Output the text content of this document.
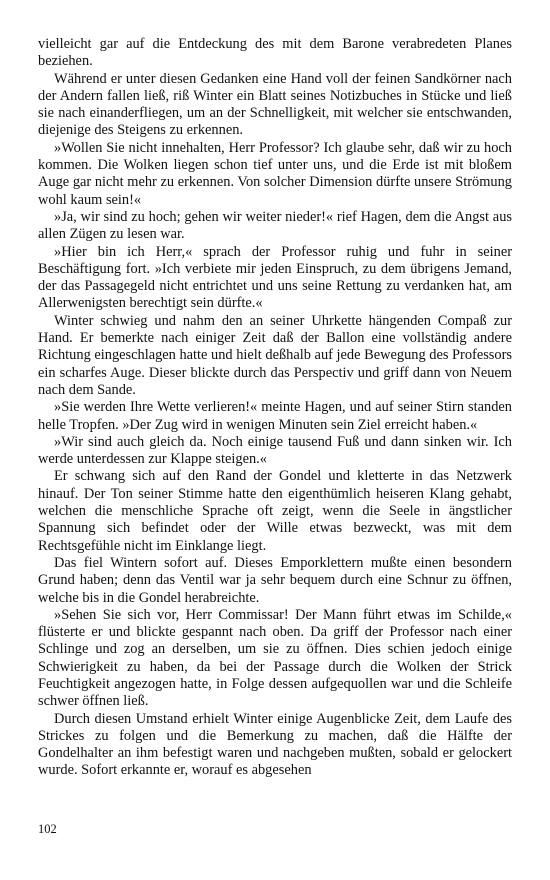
vielleicht gar auf die Entdeckung des mit dem Barone verabredeten Planes beziehen.

Während er unter diesen Gedanken eine Hand voll der feinen Sandkörner nach der Andern fallen ließ, riß Winter ein Blatt seines Notizbuches in Stücke und ließ sie nach einanderfliegen, um an der Schnelligkeit, mit welcher sie entschwanden, diejenige des Steigens zu erkennen.

»Wollen Sie nicht innehalten, Herr Professor? Ich glaube sehr, daß wir zu hoch kommen. Die Wolken liegen schon tief unter uns, und die Erde ist mit bloßem Auge gar nicht mehr zu erkennen. Von solcher Dimension dürfte unsere Strömung wohl kaum sein!«

»Ja, wir sind zu hoch; gehen wir weiter nieder!« rief Hagen, dem die Angst aus allen Zügen zu lesen war.

»Hier bin ich Herr,« sprach der Professor ruhig und fuhr in seiner Beschäftigung fort. »Ich verbiete mir jeden Einspruch, zu dem übrigens Jemand, der das Passagegeld nicht entrichtet und uns seine Rettung zu verdanken hat, am Allerwenigsten berechtigt sein dürfte.«

Winter schwieg und nahm den an seiner Uhrkette hängenden Compaß zur Hand. Er bemerkte nach einiger Zeit daß der Ballon eine vollständig andere Richtung eingeschlagen hatte und hielt deßhalb auf jede Bewegung des Professors ein scharfes Auge. Dieser blickte durch das Perspectiv und griff dann von Neuem nach dem Sande.

»Sie werden Ihre Wette verlieren!« meinte Hagen, und auf seiner Stirn standen helle Tropfen. »Der Zug wird in wenigen Minuten sein Ziel erreicht haben.«

»Wir sind auch gleich da. Noch einige tausend Fuß und dann sinken wir. Ich werde unterdessen zur Klappe steigen.«

Er schwang sich auf den Rand der Gondel und kletterte in das Netzwerk hinauf. Der Ton seiner Stimme hatte den eigenthümlich heiseren Klang gehabt, welchen die menschliche Sprache oft zeigt, wenn die Seele in ängstlicher Spannung sich befindet oder der Wille etwas bezweckt, was mit dem Rechtsgefühle nicht im Einklange liegt.

Das fiel Wintern sofort auf. Dieses Emporklettern mußte einen besondern Grund haben; denn das Ventil war ja sehr bequem durch eine Schnur zu öffnen, welche bis in die Gondel herabreichte.

»Sehen Sie sich vor, Herr Commissar! Der Mann führt etwas im Schilde,« flüsterte er und blickte gespannt nach oben. Da griff der Professor nach einer Schlinge und zog an derselben, um sie zu öffnen. Dies schien jedoch einige Schwierigkeit zu haben, da bei der Passage durch die Wolken der Strick Feuchtigkeit angezogen hatte, in Folge dessen aufgequollen war und die Schleife schwer öffnen ließ.

Durch diesen Umstand erhielt Winter einige Augenblicke Zeit, dem Laufe des Strickes zu folgen und die Bemerkung zu machen, daß die Hälfte der Gondelhalter an ihm befestigt waren und nachgeben mußten, sobald er gelockert wurde. Sofort erkannte er, worauf es abgesehen

102
